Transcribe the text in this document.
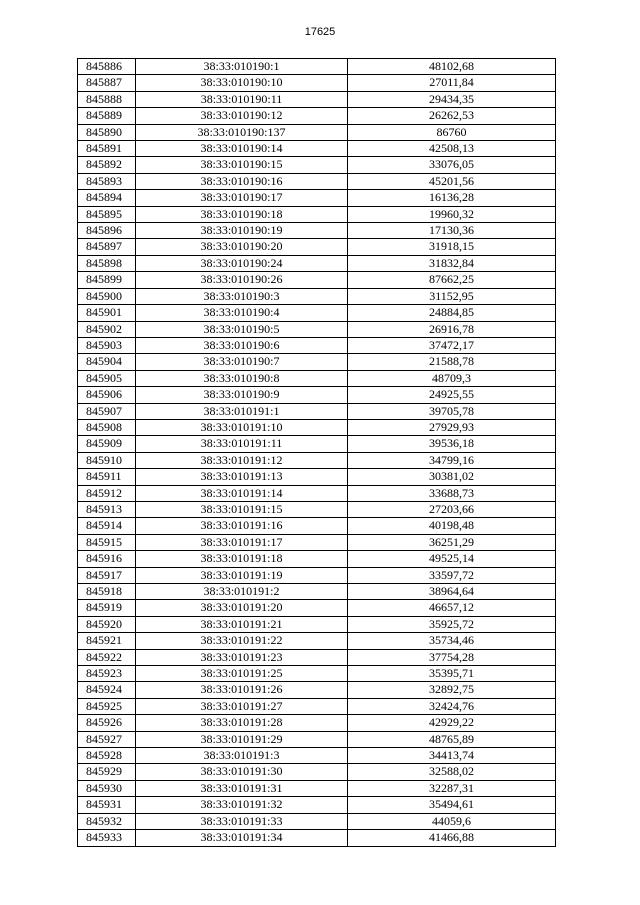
17625
845886	38:33:010190:1	48102,68
845887	38:33:010190:10	27011,84
845888	38:33:010190:11	29434,35
845889	38:33:010190:12	26262,53
845890	38:33:010190:137	86760
845891	38:33:010190:14	42508,13
845892	38:33:010190:15	33076,05
845893	38:33:010190:16	45201,56
845894	38:33:010190:17	16136,28
845895	38:33:010190:18	19960,32
845896	38:33:010190:19	17130,36
845897	38:33:010190:20	31918,15
845898	38:33:010190:24	31832,84
845899	38:33:010190:26	87662,25
845900	38:33:010190:3	31152,95
845901	38:33:010190:4	24884,85
845902	38:33:010190:5	26916,78
845903	38:33:010190:6	37472,17
845904	38:33:010190:7	21588,78
845905	38:33:010190:8	48709,3
845906	38:33:010190:9	24925,55
845907	38:33:010191:1	39705,78
845908	38:33:010191:10	27929,93
845909	38:33:010191:11	39536,18
845910	38:33:010191:12	34799,16
845911	38:33:010191:13	30381,02
845912	38:33:010191:14	33688,73
845913	38:33:010191:15	27203,66
845914	38:33:010191:16	40198,48
845915	38:33:010191:17	36251,29
845916	38:33:010191:18	49525,14
845917	38:33:010191:19	33597,72
845918	38:33:010191:2	38964,64
845919	38:33:010191:20	46657,12
845920	38:33:010191:21	35925,72
845921	38:33:010191:22	35734,46
845922	38:33:010191:23	37754,28
845923	38:33:010191:25	35395,71
845924	38:33:010191:26	32892,75
845925	38:33:010191:27	32424,76
845926	38:33:010191:28	42929,22
845927	38:33:010191:29	48765,89
845928	38:33:010191:3	34413,74
845929	38:33:010191:30	32588,02
845930	38:33:010191:31	32287,31
845931	38:33:010191:32	35494,61
845932	38:33:010191:33	44059,6
845933	38:33:010191:34	41466,88
